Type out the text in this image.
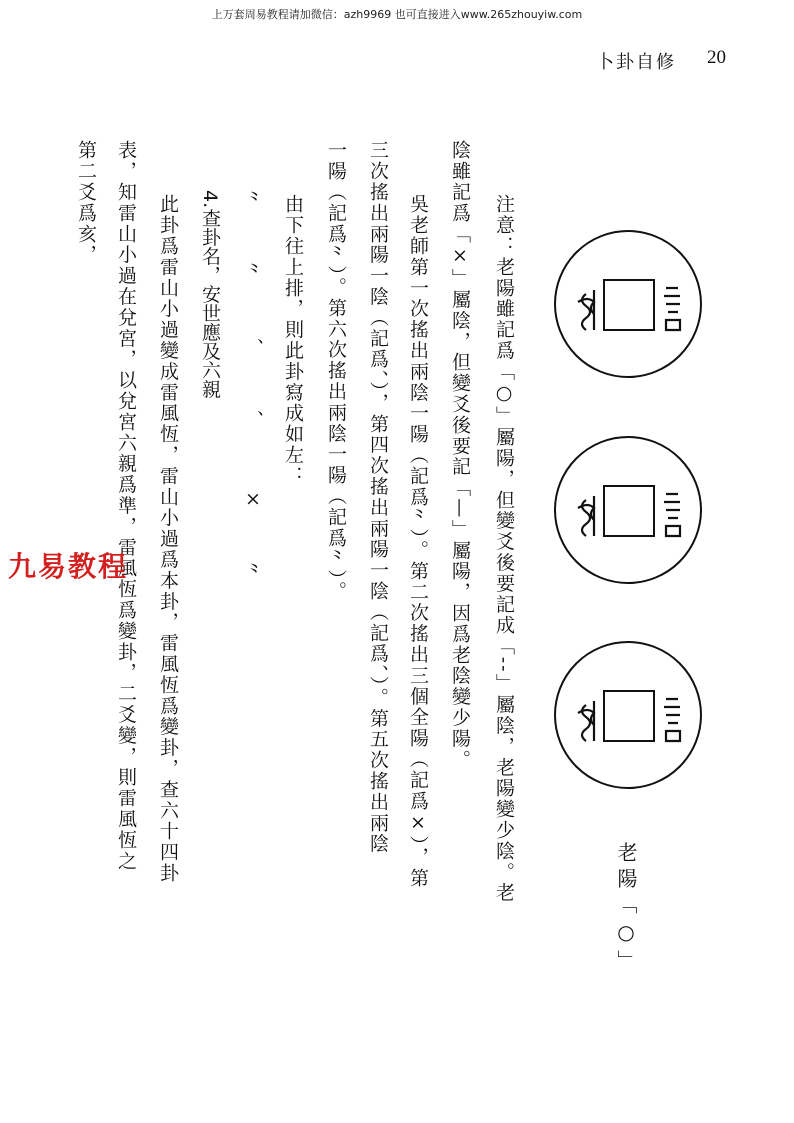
上万套周易教程请加微信：azh9969 也可直接进入www.265zhouyiw.com
卜卦自修 20
老陽「○」
注意：老陽雖記爲「○」屬陽，但變爻後要記成「--」屬陰，老陽變少陰。老
陰雖記爲「×」屬陰，但變爻後要記「—」屬陽，因爲老陰變少陽。
吳老師第一次搖出兩陰一陽（記爲⺀）。第二次搖出三個全陽（記爲×），第
三次搖出兩陽一陰（記爲、），第四次搖出兩陽一陰（記爲、）。第五次搖出兩陰
一陽（記爲⺀）。第六次搖出兩陰一陽（記爲⺀）。
由下往上排，則此卦寫成如左：
⺀
⺀
、
、
×
⺀
4.查卦名，安世應及六親
此卦爲雷山小過變成雷風恆，雷山小過爲本卦，雷風恆爲變卦，查六十四卦
表，知雷山小過在兌宮，以兌宮六親爲準，雷風恆爲變卦，二爻變，則雷風恆之
第二爻爲亥，
九易教程
